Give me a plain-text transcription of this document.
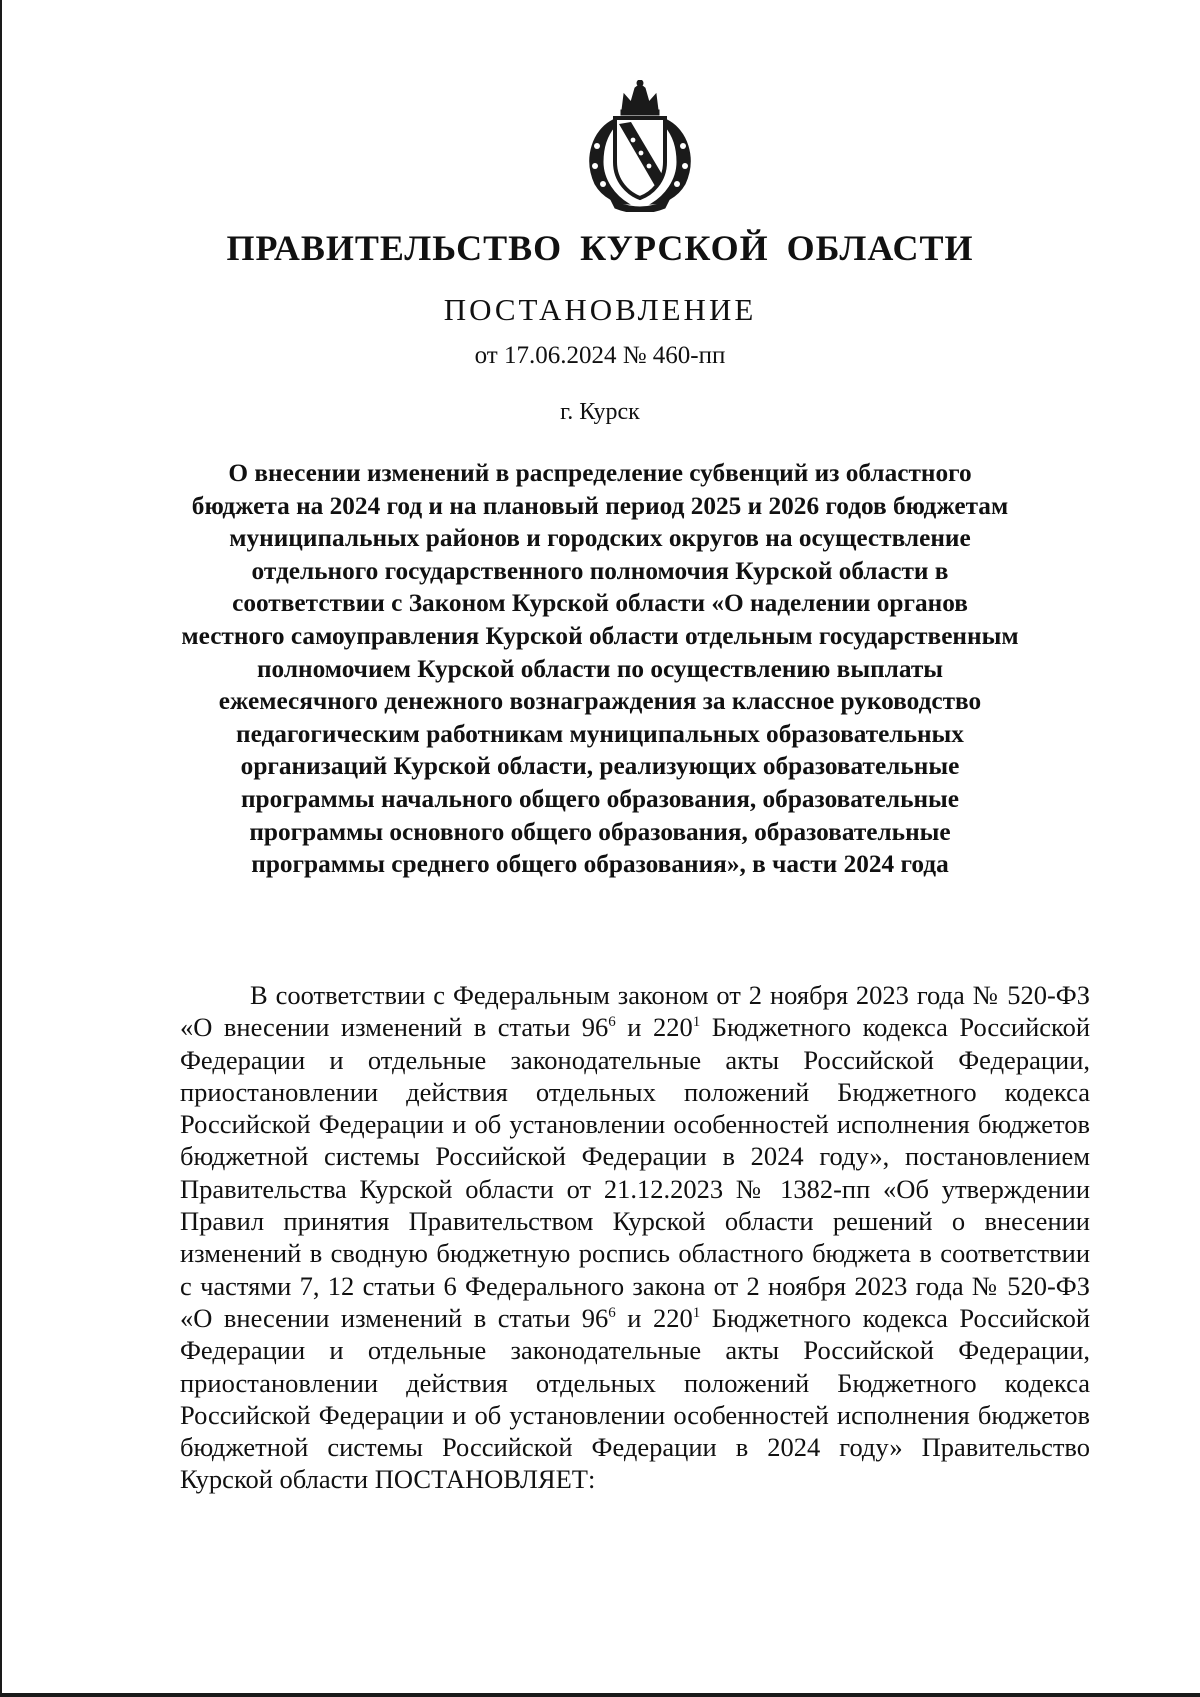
ПРАВИТЕЛЬСТВО КУРСКОЙ ОБЛАСТИ
ПОСТАНОВЛЕНИЕ
от 17.06.2024 № 460-пп
г. Курск

О внесении изменений в распределение субвенций из областного бюджета на 2024 год и на плановый период 2025 и 2026 годов бюджетам муниципальных районов и городских округов на осуществление отдельного государственного полномочия Курской области в соответствии с Законом Курской области «О наделении органов местного самоуправления Курской области отдельным государственным полномочием Курской области по осуществлению выплаты ежемесячного денежного вознаграждения за классное руководство педагогическим работникам муниципальных образовательных организаций Курской области, реализующих образовательные программы начального общего образования, образовательные программы основного общего образования, образовательные программы среднего общего образования», в части 2024 года

В соответствии с Федеральным законом от 2 ноября 2023 года № 520-ФЗ «О внесении изменений в статьи $96^6$ и $220^1$ Бюджетного кодекса Российской Федерации и отдельные законодательные акты Российской Федерации, приостановлении действия отдельных положений Бюджетного кодекса Российской Федерации и об установлении особенностей исполнения бюджетов бюджетной системы Российской Федерации в 2024 году», постановлением Правительства Курской области от 21.12.2023 № 1382-пп «Об утверждении Правил принятия Правительством Курской области решений о внесении изменений в сводную бюджетную роспись областного бюджета в соответствии с частями 7, 12 статьи 6 Федерального закона от 2 ноября 2023 года № 520-ФЗ «О внесении изменений в статьи $96^6$ и $220^1$ Бюджетного кодекса Российской Федерации и отдельные законодательные акты Российской Федерации, приостановлении действия отдельных положений Бюджетного кодекса Российской Федерации и об установлении особенностей исполнения бюджетов бюджетной системы Российской Федерации в 2024 году» Правительство Курской области ПОСТАНОВЛЯЕТ:
